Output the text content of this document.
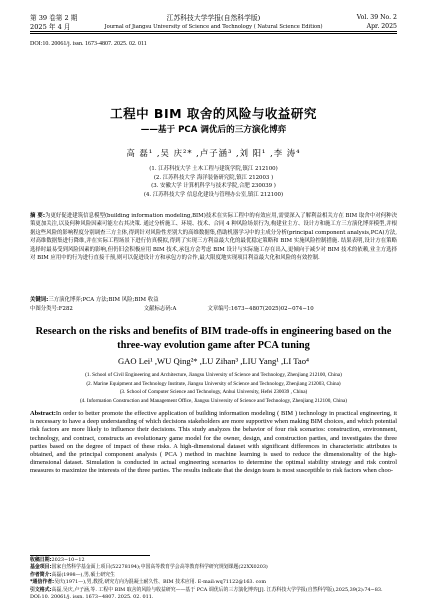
第 39 卷第 2 期	江苏科技大学学报(自然科学版)	Vol. 39 No. 2
2025 年 4 月	Journal of Jiangsu University of Science and Technology ( Natural Science Edition)	Apr. 2025
DOI:10. 20061/j. issn. 1673-4807. 2025. 02. 011
工程中 BIM 取舍的风险与收益研究
——基于 PCA 调优后的三方演化博弈
高 磊¹ ,吴 庆²* ,卢子涵³ ,刘 阳¹ ,李 涛⁴
(1. 江苏科技大学 土木工程与建筑学院,镇江 212100)
(2. 江苏科技大学 海洋装备研究院,镇江 212003 )
(3. 安徽大学 计算机科学与技术学院,合肥 230039 )
(4. 江苏科技大学 信息化建设与管理办公室,镇江 212100)
摘 要:为更好促进建筑信息模型(building information modeling,BIM)技术在实际工程中的有效应用,需要深入了解利益相关方在 BIM 取舍中对何种决策更加关注,以及何种风险因素可能左右其决策. 通过分析施工、环境、技术、合同 4 种风险场景行为,构建业主方、设计方和施工方三方演化博弈模型,并根据这些风险的影响程度分别调查三方主体,得到针对风险性差别大的高维数据集,借助机器学习中的主成分分析(principal component analysis,PCA)方法,对高维数据集进行降维,并在实际工程场景下进行仿真模拟,得到了实现三方利益最大化的最优稳定策略和 BIM 实施风险控制措施. 结果表明,设计方在策略选择时最易受到风险因素的影响,但仍旧会积极应用 BIM 技术,承包方会考虑 BIM 设计与实际施工存在出入,更倾向于减少对 BIM 技术的依赖,业主方选择对 BIM 应用中的行为进行直接干预,则可以促进设计方和承包方的合作,最大限度地实现项目利益最大化和风险的有效控制.
关键词:三方演化博弈;PCA 方法;BIM 风险;BIM 收益
中图分类号:F282	文献标志码:A	文章编号:1673−4807(2025)02−074−10
Research on the risks and benefits of BIM trade-offs in engineering based on the three-way evolution game after PCA tuning
GAO Lei¹ ,WU Qing²* ,LU Zihan³ ,LIU Yang¹ ,LI Tao⁴
(1. School of Civil Engineering and Architecture, Jiangsu University of Science and Technology, Zhenjiang 212100, China)
(2. Marine Equipment and Technology Institute, Jiangsu University of Science and Technology, Zhenjiang 212003, China)
(3. School of Computer Science and Technology, Anhui University, Hefei 230039 , China)
(4. Information Construction and Management Office, Jiangsu University of Science and Technology, Zhenjiang 212100, China)
Abstract:In order to better promote the effective application of building information modeling ( BIM ) technology in practical engineering, it is necessary to have a deep understanding of which decisions stakeholders are more supportive when making BIM choices, and which potential risk factors are more likely to influence their decisions. This study analyzes the behavior of four risk scenarios: construction, environment, technology, and contract, constructs an evolutionary game model for the owner, design, and construction parties, and investigates the three parties based on the degree of impact of these risks. A high-dimensional dataset with significant differences in characteristic attributes is obtained, and the principal component analysis ( PCA ) method in machine learning is used to reduce the dimensionality of the high-dimensional dataset. Simulation is conducted in actual engineering scenarios to determine the optimal stability strategy and risk control measures to maximize the interests of the three parties. The results indicate that the design team is most susceptible to risk factors when choo-
收稿日期:2023−10−12
基金项目:国家自然科学基金面上项目(52278194);中国高等教育学会高等教育科学研究规划课题(22XX0203)
作者简介:高磊(1998—),男,硕士研究生
*通信作者:吴庆(1971—),男,教授,研究方向为混凝土耐久性、BIM 技术应用. E-mail:wq71122@163. com
引文格式:高磊,吴庆,卢子涵,等. 工程中 BIM 取舍的风险与收益研究——基于 PCA 调优后的三方演化博弈[J]. 江苏科技大学学报(自然科学版),2025,39(2):74−83. DOI:10. 20061/j. issn. 1673−4807. 2025. 02. 011.
